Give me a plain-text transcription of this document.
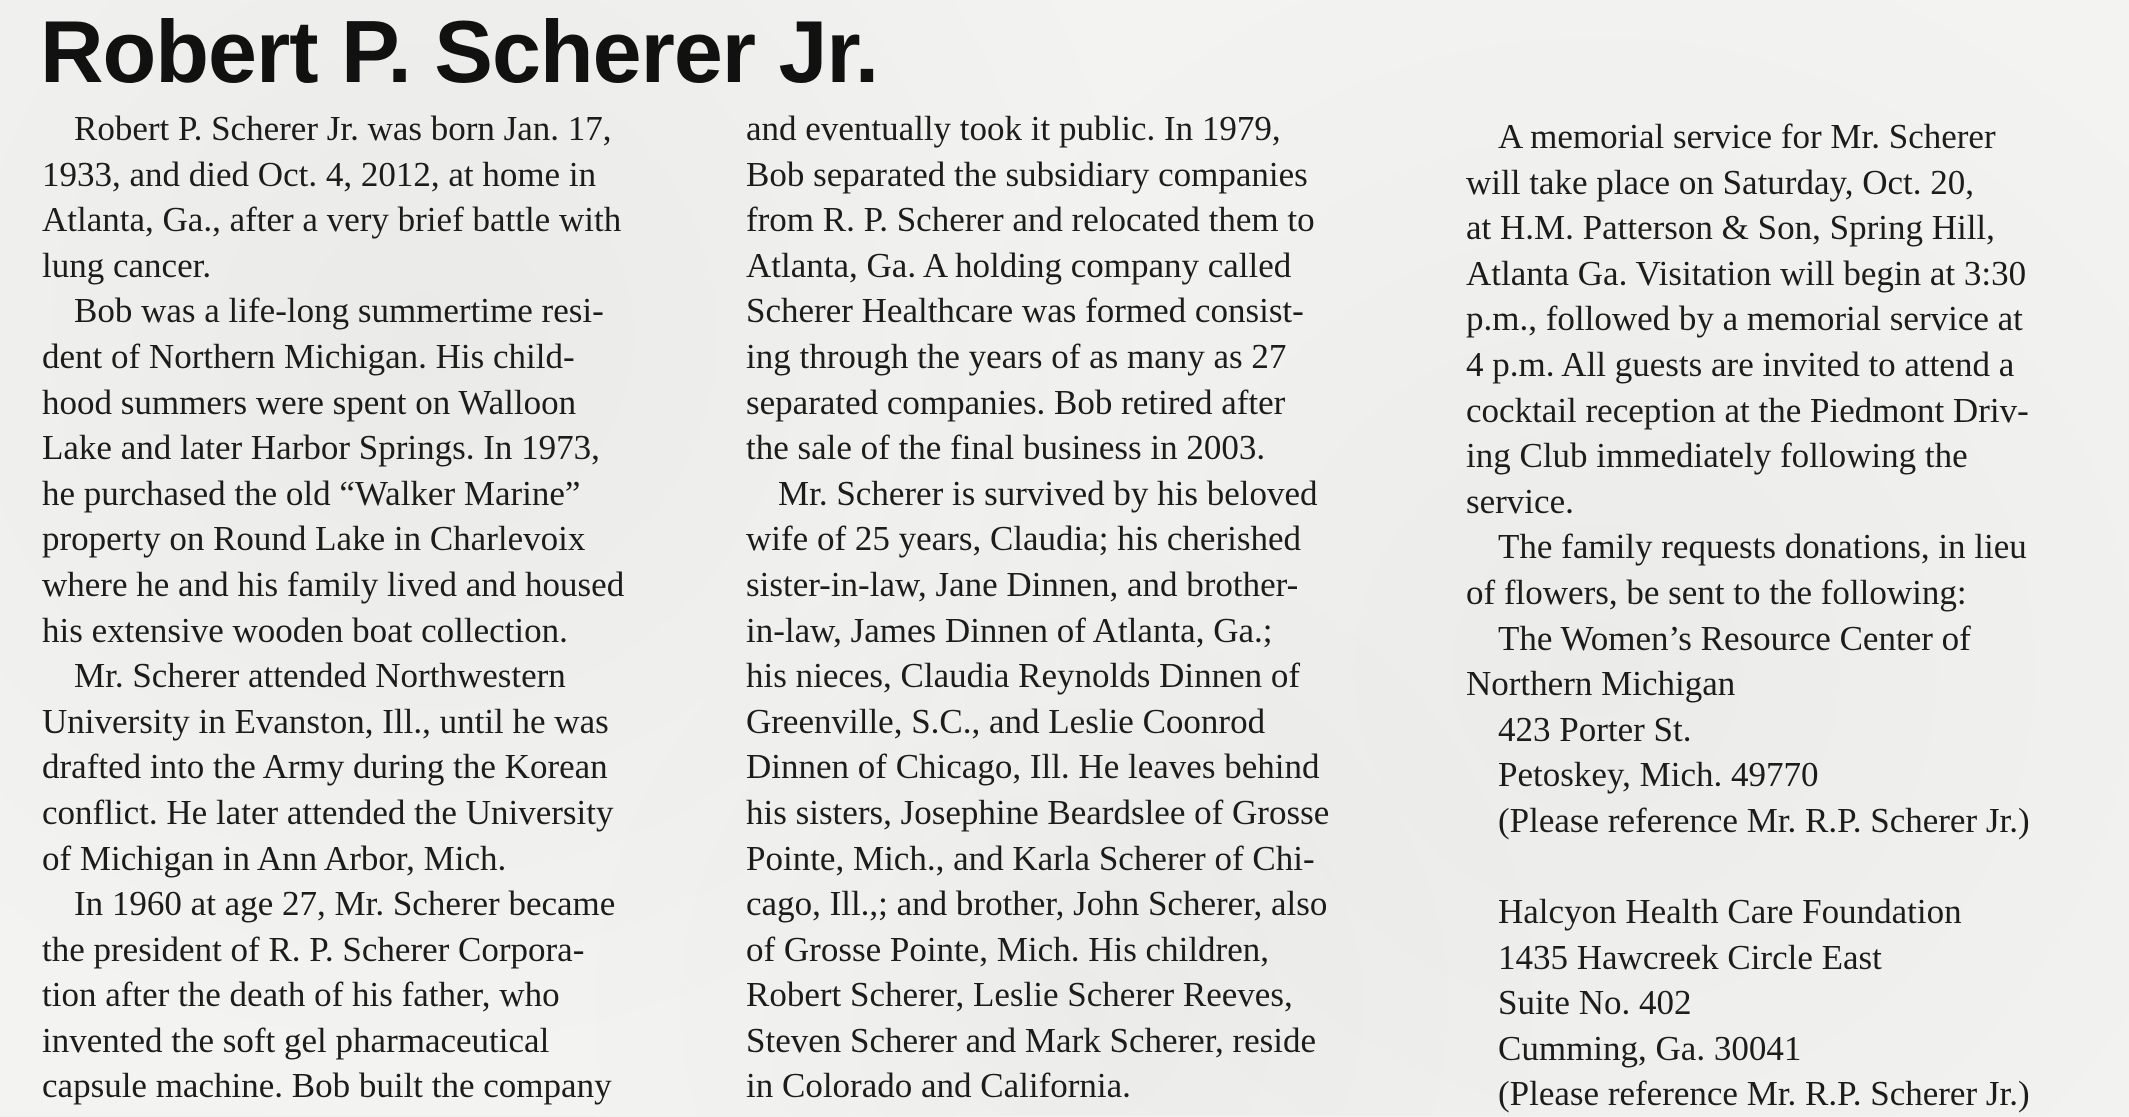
Robert P. Scherer Jr.
Robert P. Scherer Jr. was born Jan. 17,
1933, and died Oct. 4, 2012, at home in
Atlanta, Ga., after a very brief battle with
lung cancer.
Bob was a life-long summertime resi-
dent of Northern Michigan. His child-
hood summers were spent on Walloon
Lake and later Harbor Springs. In 1973,
he purchased the old “Walker Marine”
property on Round Lake in Charlevoix
where he and his family lived and housed
his extensive wooden boat collection.
Mr. Scherer attended Northwestern
University in Evanston, Ill., until he was
drafted into the Army during the Korean
conflict. He later attended the University
of Michigan in Ann Arbor, Mich.
In 1960 at age 27, Mr. Scherer became
the president of R. P. Scherer Corpora-
tion after the death of his father, who
invented the soft gel pharmaceutical
capsule machine. Bob built the company
and eventually took it public. In 1979,
Bob separated the subsidiary companies
from R. P. Scherer and relocated them to
Atlanta, Ga. A holding company called
Scherer Healthcare was formed consist-
ing through the years of as many as 27
separated companies. Bob retired after
the sale of the final business in 2003.
Mr. Scherer is survived by his beloved
wife of 25 years, Claudia; his cherished
sister-in-law, Jane Dinnen, and brother-
in-law, James Dinnen of Atlanta, Ga.;
his nieces, Claudia Reynolds Dinnen of
Greenville, S.C., and Leslie Coonrod
Dinnen of Chicago, Ill. He leaves behind
his sisters, Josephine Beardslee of Grosse
Pointe, Mich., and Karla Scherer of Chi-
cago, Ill.,; and brother, John Scherer, also
of Grosse Pointe, Mich. His children,
Robert Scherer, Leslie Scherer Reeves,
Steven Scherer and Mark Scherer, reside
in Colorado and California.
A memorial service for Mr. Scherer
will take place on Saturday, Oct. 20,
at H.M. Patterson & Son, Spring Hill,
Atlanta Ga. Visitation will begin at 3:30
p.m., followed by a memorial service at
4 p.m. All guests are invited to attend a
cocktail reception at the Piedmont Driv-
ing Club immediately following the
service.
The family requests donations, in lieu
of flowers, be sent to the following:
The Women’s Resource Center of
Northern Michigan
423 Porter St.
Petoskey, Mich. 49770
(Please reference Mr. R.P. Scherer Jr.)
Halcyon Health Care Foundation
1435 Hawcreek Circle East
Suite No. 402
Cumming, Ga. 30041
(Please reference Mr. R.P. Scherer Jr.)
